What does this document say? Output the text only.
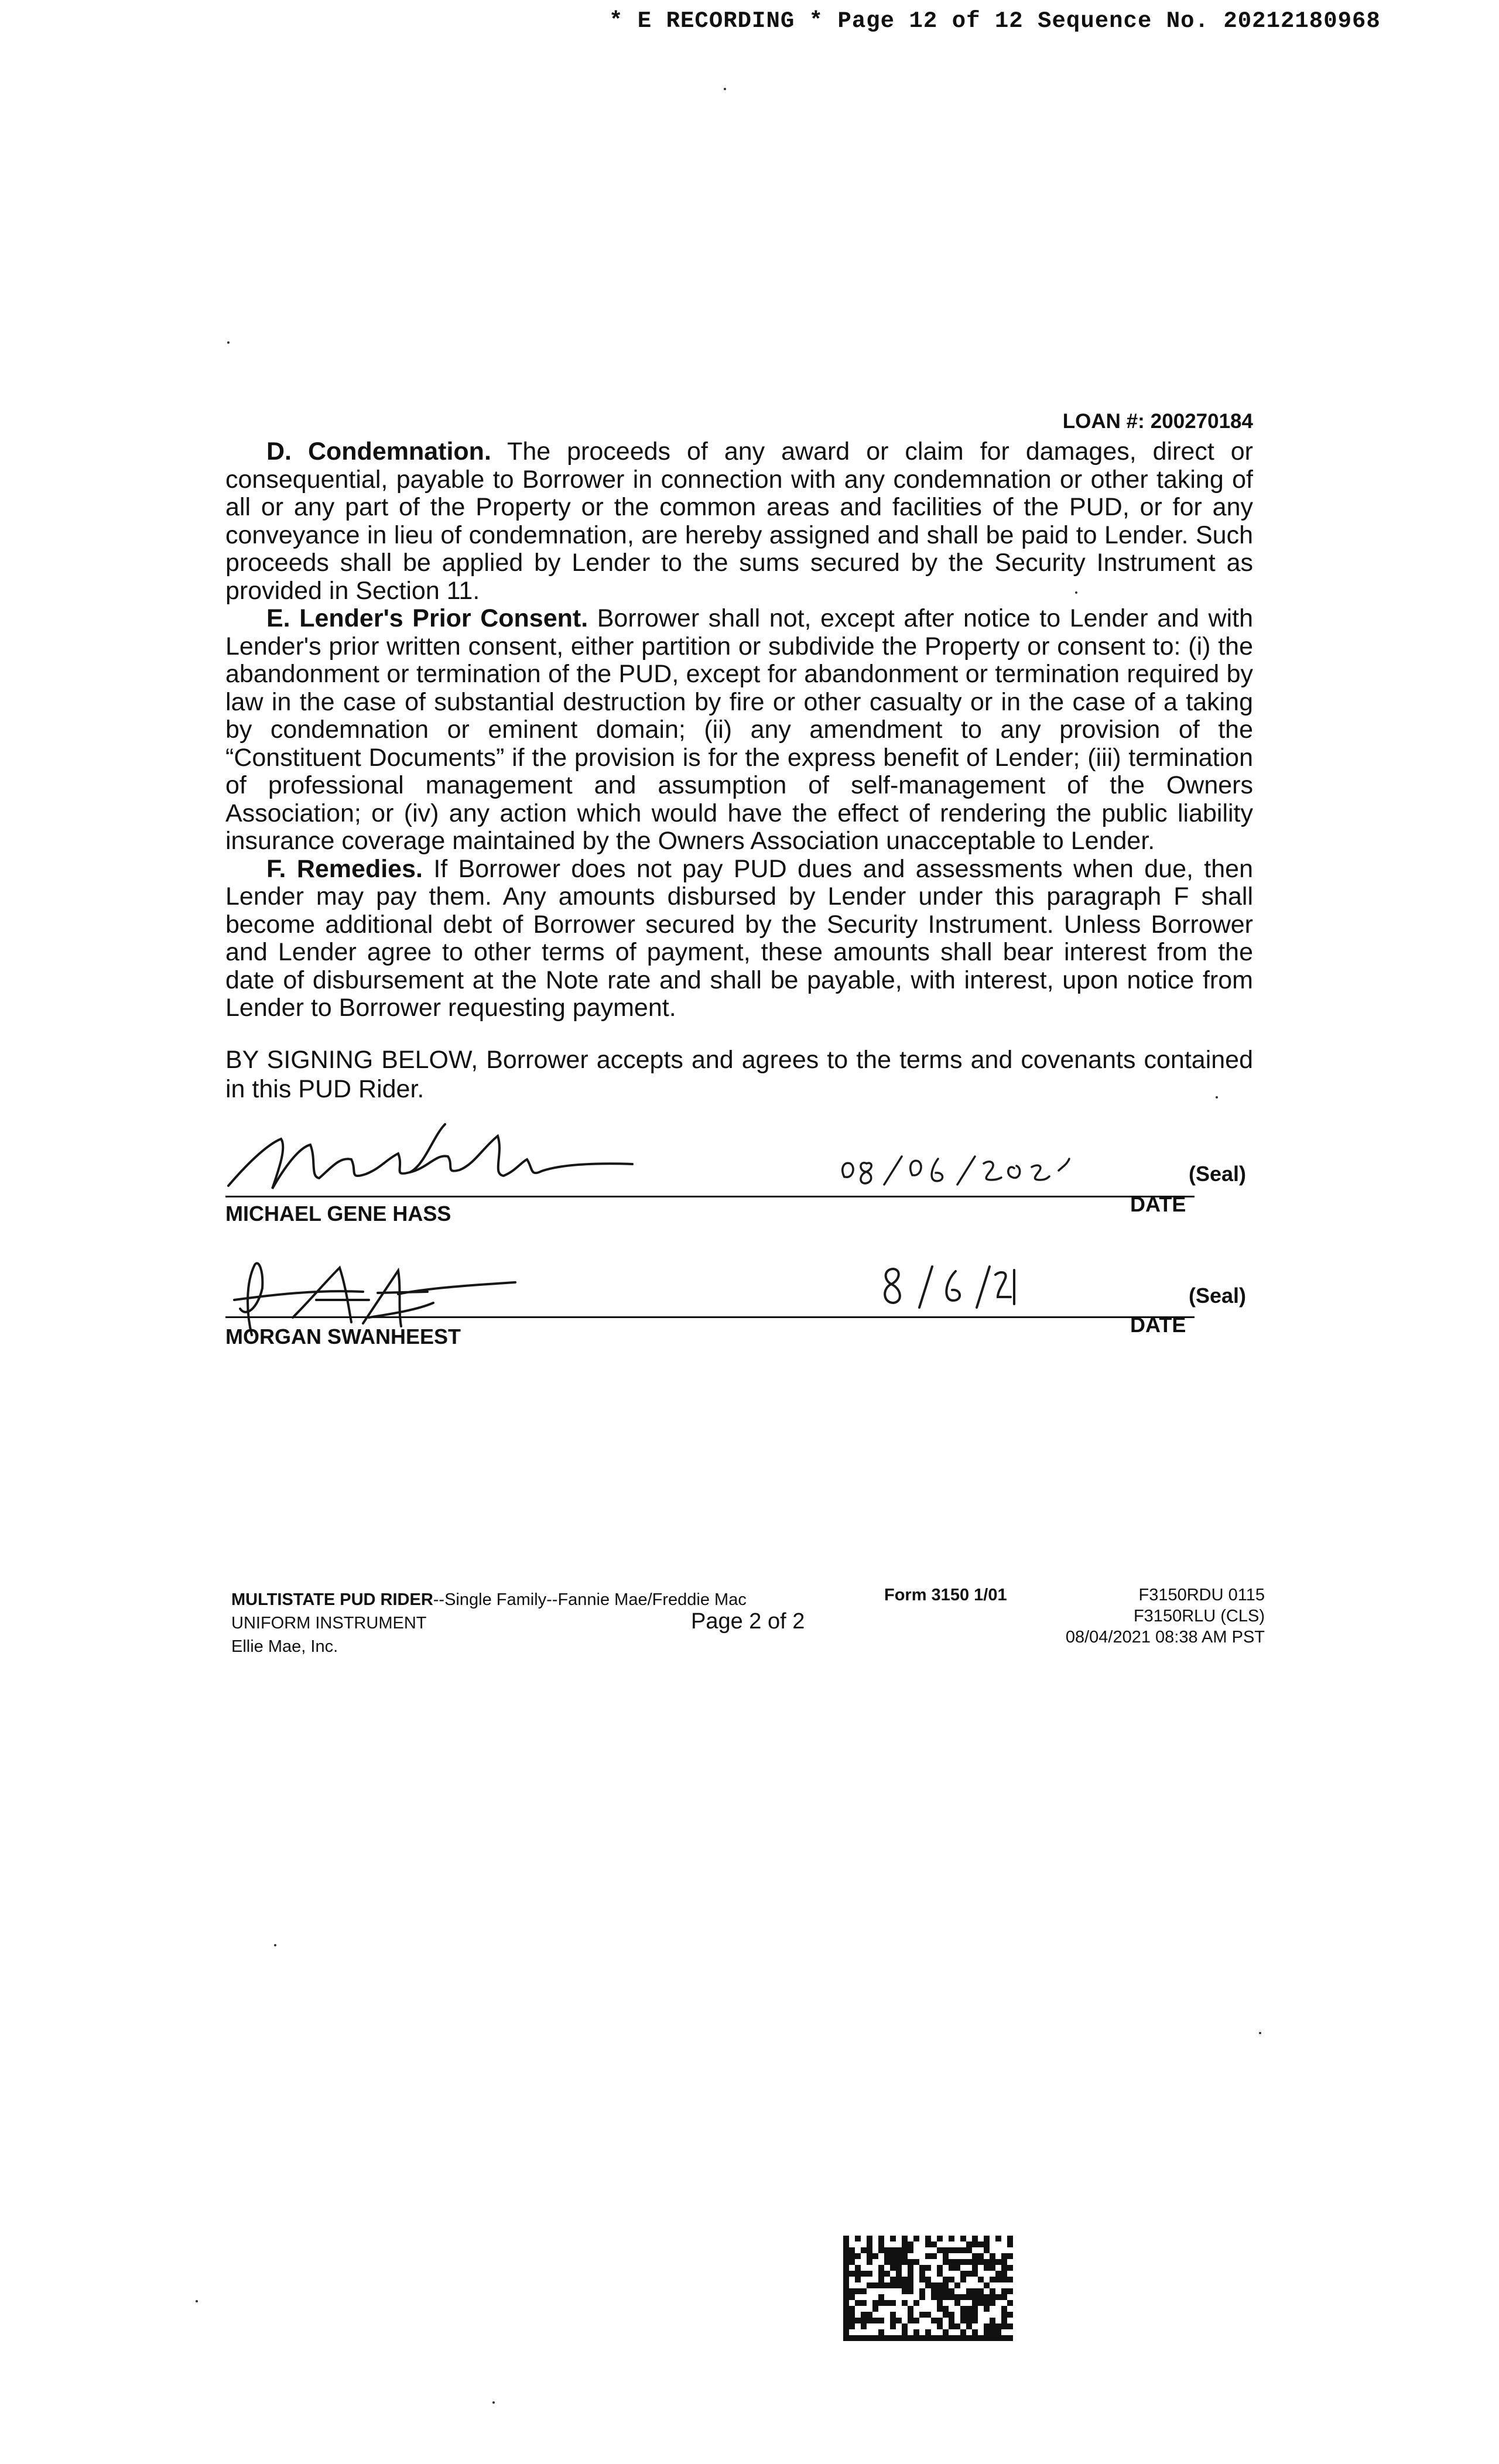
* E RECORDING * Page 12 of 12 Sequence No. 20212180968
LOAN #: 200270184

D. Condemnation. The proceeds of any award or claim for damages, direct or consequential, payable to Borrower in connection with any condemnation or other taking of all or any part of the Property or the common areas and facilities of the PUD, or for any conveyance in lieu of condemnation, are hereby assigned and shall be paid to Lender. Such proceeds shall be applied by Lender to the sums secured by the Security Instrument as provided in Section 11.

E. Lender's Prior Consent. Borrower shall not, except after notice to Lender and with Lender's prior written consent, either partition or subdivide the Property or consent to: (i) the abandonment or termination of the PUD, except for abandonment or termination required by law in the case of substantial destruction by fire or other casualty or in the case of a taking by condemnation or eminent domain; (ii) any amendment to any provision of the “Constituent Documents” if the provision is for the express benefit of Lender; (iii) termination of professional management and assumption of self-management of the Owners Association; or (iv) any action which would have the effect of rendering the public liability insurance coverage maintained by the Owners Association unacceptable to Lender.

F. Remedies. If Borrower does not pay PUD dues and assessments when due, then Lender may pay them. Any amounts disbursed by Lender under this paragraph F shall become additional debt of Borrower secured by the Security Instrument. Unless Borrower and Lender agree to other terms of payment, these amounts shall bear interest from the date of disbursement at the Note rate and shall be payable, with interest, upon notice from Lender to Borrower requesting payment.

BY SIGNING BELOW, Borrower accepts and agrees to the terms and covenants contained in this PUD Rider.

(Seal)
MICHAEL GENE HASS	DATE
(Seal)
MORGAN SWANHEEST	DATE
MULTISTATE PUD RIDER--Single Family--Fannie Mae/Freddie Mac UNIFORM INSTRUMENT
Ellie Mae, Inc.
Form 3150 1/01
Page 2 of 2
F3150RDU 0115
F3150RLU (CLS)
08/04/2021 08:38 AM PST
